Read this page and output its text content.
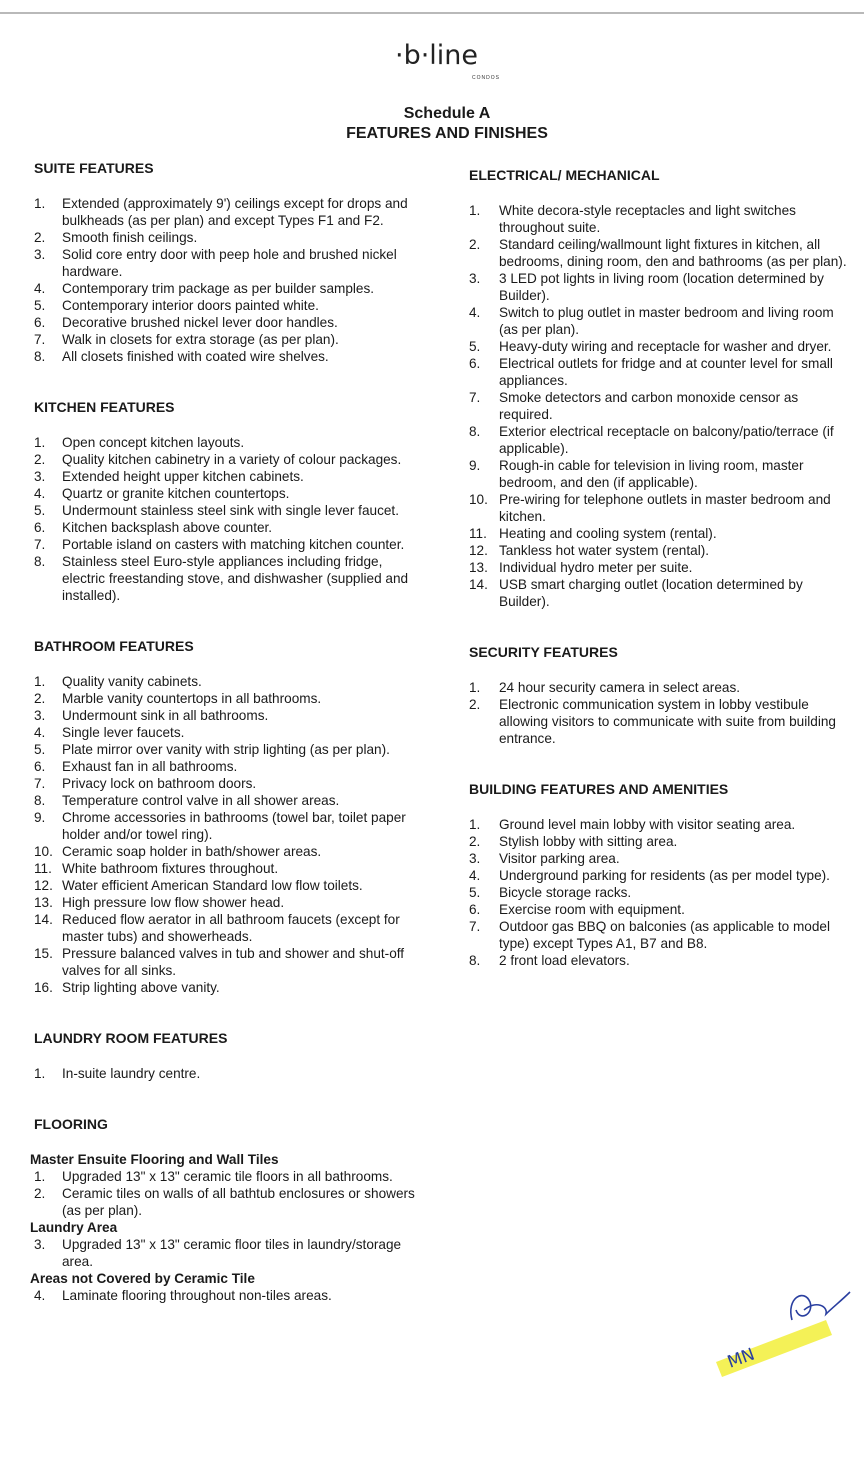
·b·line
CONDOS
Schedule A
FEATURES AND FINISHES
SUITE FEATURES
1. Extended (approximately 9') ceilings except for drops and bulkheads (as per plan) and except Types F1 and F2.
2. Smooth finish ceilings.
3. Solid core entry door with peep hole and brushed nickel hardware.
4. Contemporary trim package as per builder samples.
5. Contemporary interior doors painted white.
6. Decorative brushed nickel lever door handles.
7. Walk in closets for extra storage (as per plan).
8. All closets finished with coated wire shelves.
KITCHEN FEATURES
1. Open concept kitchen layouts.
2. Quality kitchen cabinetry in a variety of colour packages.
3. Extended height upper kitchen cabinets.
4. Quartz or granite kitchen countertops.
5. Undermount stainless steel sink with single lever faucet.
6. Kitchen backsplash above counter.
7. Portable island on casters with matching kitchen counter.
8. Stainless steel Euro-style appliances including fridge, electric freestanding stove, and dishwasher (supplied and installed).
BATHROOM FEATURES
1. Quality vanity cabinets.
2. Marble vanity countertops in all bathrooms.
3. Undermount sink in all bathrooms.
4. Single lever faucets.
5. Plate mirror over vanity with strip lighting (as per plan).
6. Exhaust fan in all bathrooms.
7. Privacy lock on bathroom doors.
8. Temperature control valve in all shower areas.
9. Chrome accessories in bathrooms (towel bar, toilet paper holder and/or towel ring).
10. Ceramic soap holder in bath/shower areas.
11. White bathroom fixtures throughout.
12. Water efficient American Standard low flow toilets.
13. High pressure low flow shower head.
14. Reduced flow aerator in all bathroom faucets (except for master tubs) and showerheads.
15. Pressure balanced valves in tub and shower and shut-off valves for all sinks.
16. Strip lighting above vanity.
LAUNDRY ROOM FEATURES
1. In-suite laundry centre.
FLOORING
Master Ensuite Flooring and Wall Tiles
1. Upgraded 13" x 13" ceramic tile floors in all bathrooms.
2. Ceramic tiles on walls of all bathtub enclosures or showers (as per plan).
Laundry Area
3. Upgraded 13" x 13" ceramic floor tiles in laundry/storage area.
Areas not Covered by Ceramic Tile
4. Laminate flooring throughout non-tiles areas.
ELECTRICAL/ MECHANICAL
1. White decora-style receptacles and light switches throughout suite.
2. Standard ceiling/wallmount light fixtures in kitchen, all bedrooms, dining room, den and bathrooms (as per plan).
3. 3 LED pot lights in living room (location determined by Builder).
4. Switch to plug outlet in master bedroom and living room (as per plan).
5. Heavy-duty wiring and receptacle for washer and dryer.
6. Electrical outlets for fridge and at counter level for small appliances.
7. Smoke detectors and carbon monoxide censor as required.
8. Exterior electrical receptacle on balcony/patio/terrace (if applicable).
9. Rough-in cable for television in living room, master bedroom, and den (if applicable).
10. Pre-wiring for telephone outlets in master bedroom and kitchen.
11. Heating and cooling system (rental).
12. Tankless hot water system (rental).
13. Individual hydro meter per suite.
14. USB smart charging outlet (location determined by Builder).
SECURITY FEATURES
1. 24 hour security camera in select areas.
2. Electronic communication system in lobby vestibule allowing visitors to communicate with suite from building entrance.
BUILDING FEATURES AND AMENITIES
1. Ground level main lobby with visitor seating area.
2. Stylish lobby with sitting area.
3. Visitor parking area.
4. Underground parking for residents (as per model type).
5. Bicycle storage racks.
6. Exercise room with equipment.
7. Outdoor gas BBQ on balconies (as applicable to model type) except Types A1, B7 and B8.
8. 2 front load elevators.
MN
